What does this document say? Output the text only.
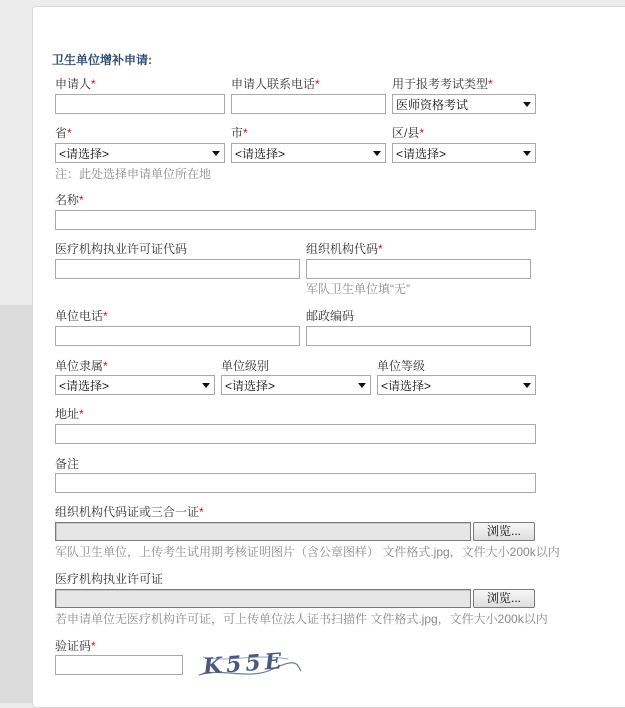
卫生单位增补申请:
申请人*	申请人联系电话*	用于报考考试类型*
医师资格考试
省*
<请选择>
市*
<请选择>
区/县*
<请选择>
注：此处选择申请单位所在地
名称*
医疗机构执业许可证代码	组织机构代码*
军队卫生单位填“无”
单位电话*	邮政编码
单位隶属*
<请选择>
单位级别
<请选择>
单位等级
<请选择>
地址*
备注
组织机构代码证或三合一证*
浏览...
军队卫生单位，上传考生试用期考核证明图片（含公章图样） 文件格式.jpg，文件大小200k以内
医疗机构执业许可证
浏览...
若申请单位无医疗机构许可证，可上传单位法人证书扫描件 文件格式.jpg，文件大小200k以内
验证码*
K55E
